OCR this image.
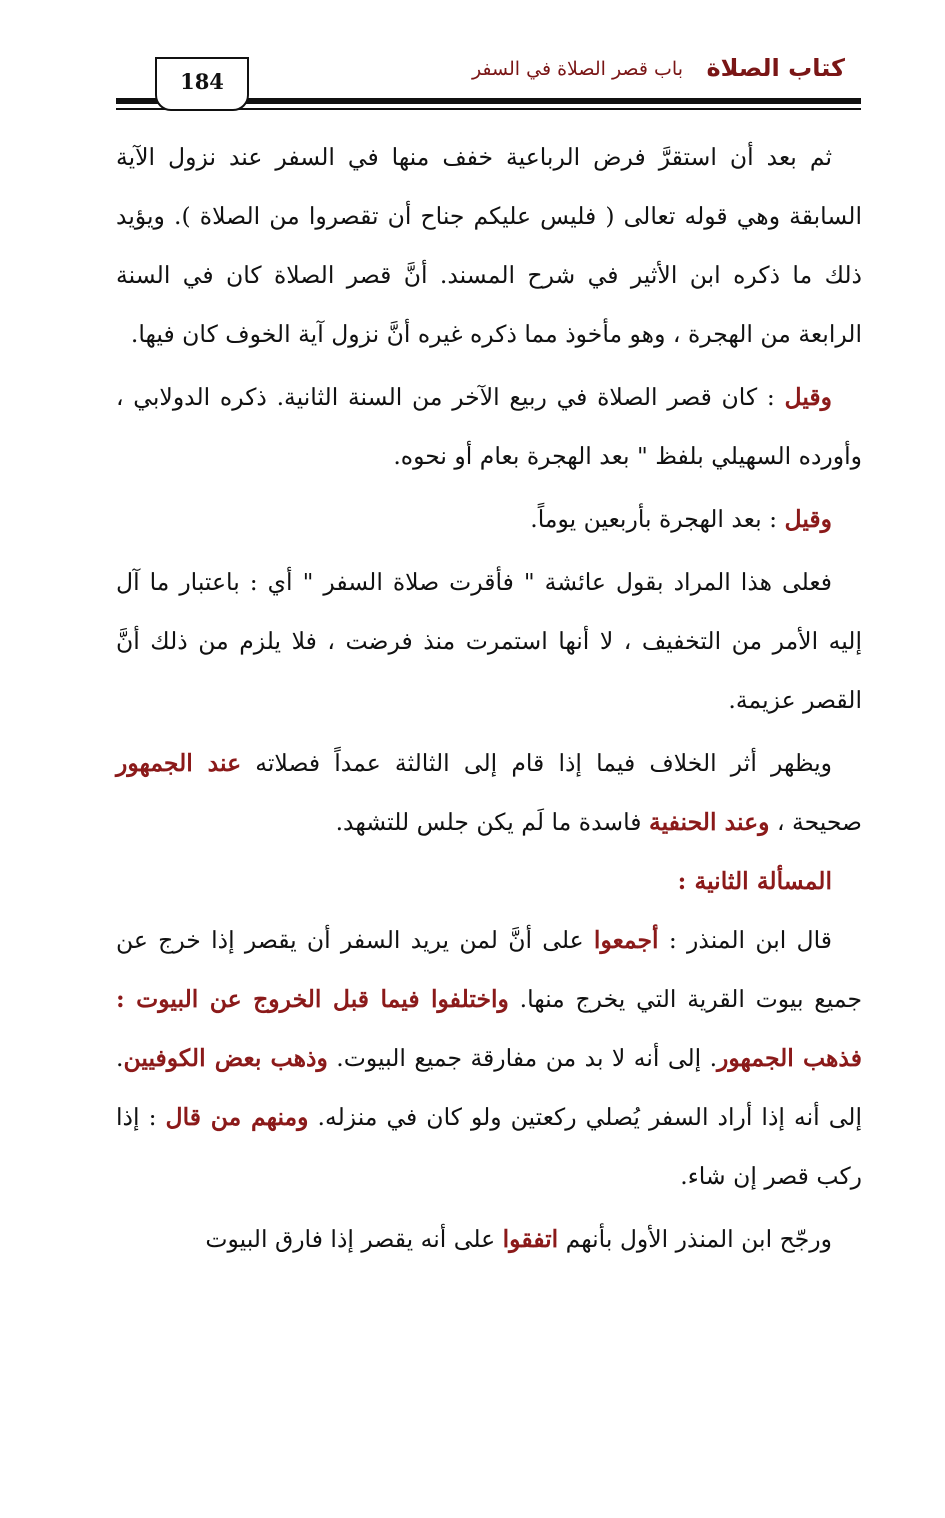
كتاب الصلاة
باب قصر الصلاة في السفر
184

ثم بعد أن استقرَّ فرض الرباعية خفف منها في السفر عند نزول الآية السابقة وهي قوله تعالى ( فليس عليكم جناح أن تقصروا من الصلاة ). ويؤيد ذلك ما ذكره ابن الأثير في شرح المسند. أنَّ قصر الصلاة كان في السنة الرابعة من الهجرة ، وهو مأخوذ مما ذكره غيره أنَّ نزول آية الخوف كان فيها.

وقيل : كان قصر الصلاة في ربيع الآخر من السنة الثانية. ذكره الدولابي ، وأورده السهيلي بلفظ " بعد الهجرة بعام أو نحوه.

وقيل : بعد الهجرة بأربعين يوماً.

فعلى هذا المراد بقول عائشة " فأقرت صلاة السفر " أي : باعتبار ما آل إليه الأمر من التخفيف ، لا أنها استمرت منذ فرضت ، فلا يلزم من ذلك أنَّ القصر عزيمة.

ويظهر أثر الخلاف فيما إذا قام إلى الثالثة عمداً فصلاته عند الجمهور صحيحة ، وعند الحنفية فاسدة ما لَم يكن جلس للتشهد.

المسألة الثانية :

قال ابن المنذر : أجمعوا على أنَّ لمن يريد السفر أن يقصر إذا خرج عن جميع بيوت القرية التي يخرج منها. واختلفوا فيما قبل الخروج عن البيوت : فذهب الجمهور. إلى أنه لا بد من مفارقة جميع البيوت. وذهب بعض الكوفيين. إلى أنه إذا أراد السفر يُصلي ركعتين ولو كان في منزله. ومنهم من قال : إذا ركب قصر إن شاء.

ورجّح ابن المنذر الأول بأنهم اتفقوا على أنه يقصر إذا فارق البيوت
